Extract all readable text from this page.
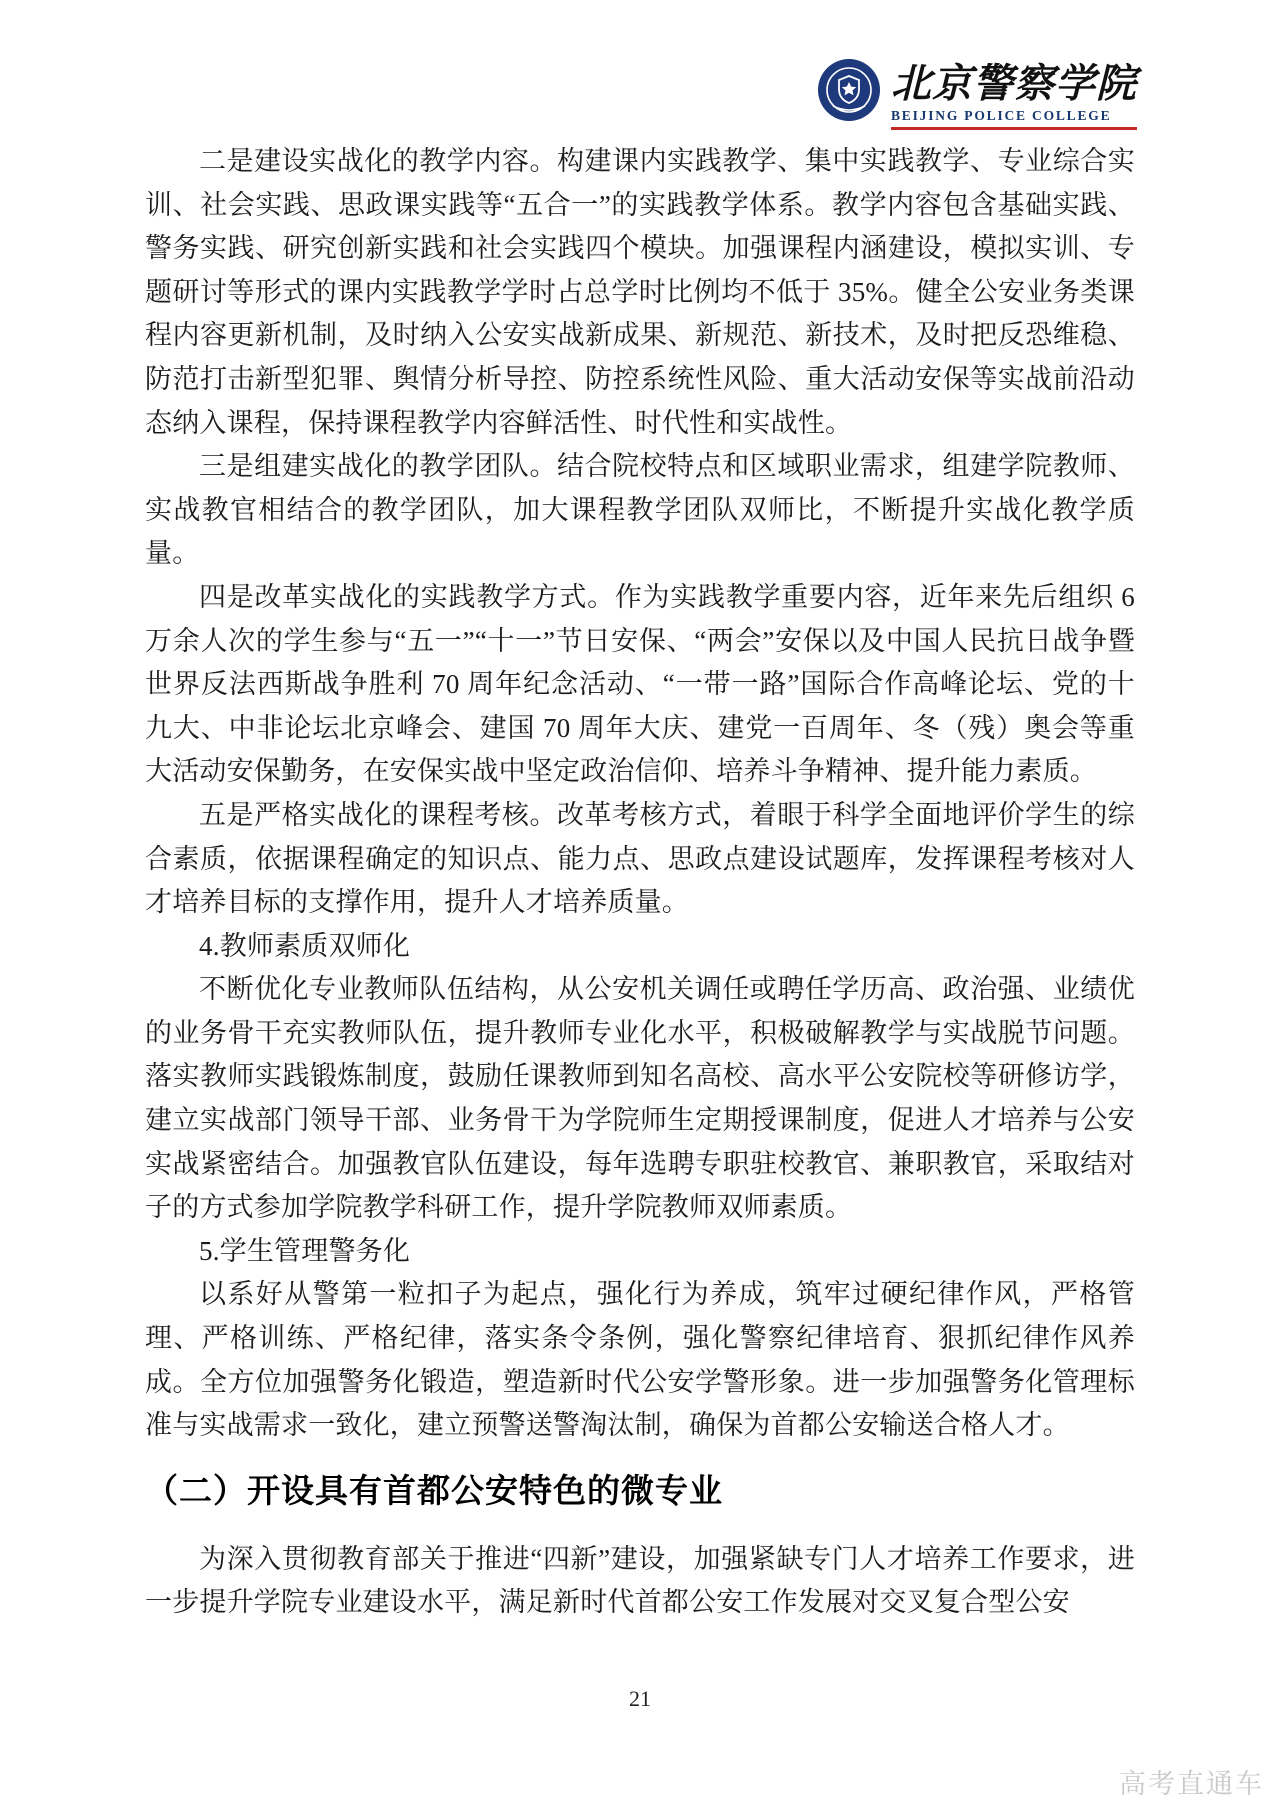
北京警察学院
BEIJING POLICE COLLEGE

二是建设实战化的教学内容。构建课内实践教学、集中实践教学、专业综合实训、社会实践、思政课实践等“五合一”的实践教学体系。教学内容包含基础实践、警务实践、研究创新实践和社会实践四个模块。加强课程内涵建设，模拟实训、专题研讨等形式的课内实践教学学时占总学时比例均不低于 35%。健全公安业务类课程内容更新机制，及时纳入公安实战新成果、新规范、新技术，及时把反恐维稳、防范打击新型犯罪、舆情分析导控、防控系统性风险、重大活动安保等实战前沿动态纳入课程，保持课程教学内容鲜活性、时代性和实战性。

三是组建实战化的教学团队。结合院校特点和区域职业需求，组建学院教师、实战教官相结合的教学团队，加大课程教学团队双师比，不断提升实战化教学质量。

四是改革实战化的实践教学方式。作为实践教学重要内容，近年来先后组织 6 万余人次的学生参与“五一”“十一”节日安保、“两会”安保以及中国人民抗日战争暨世界反法西斯战争胜利 70 周年纪念活动、“一带一路”国际合作高峰论坛、党的十九大、中非论坛北京峰会、建国 70 周年大庆、建党一百周年、冬（残）奥会等重大活动安保勤务，在安保实战中坚定政治信仰、培养斗争精神、提升能力素质。

五是严格实战化的课程考核。改革考核方式，着眼于科学全面地评价学生的综合素质，依据课程确定的知识点、能力点、思政点建设试题库，发挥课程考核对人才培养目标的支撑作用，提升人才培养质量。

4.教师素质双师化

不断优化专业教师队伍结构，从公安机关调任或聘任学历高、政治强、业绩优的业务骨干充实教师队伍，提升教师专业化水平，积极破解教学与实战脱节问题。落实教师实践锻炼制度，鼓励任课教师到知名高校、高水平公安院校等研修访学，建立实战部门领导干部、业务骨干为学院师生定期授课制度，促进人才培养与公安实战紧密结合。加强教官队伍建设，每年选聘专职驻校教官、兼职教官，采取结对子的方式参加学院教学科研工作，提升学院教师双师素质。

5.学生管理警务化

以系好从警第一粒扣子为起点，强化行为养成，筑牢过硬纪律作风，严格管理、严格训练、严格纪律，落实条令条例，强化警察纪律培育、狠抓纪律作风养成。全方位加强警务化锻造，塑造新时代公安学警形象。进一步加强警务化管理标准与实战需求一致化，建立预警送警淘汰制，确保为首都公安输送合格人才。

（二）开设具有首都公安特色的微专业

为深入贯彻教育部关于推进“四新”建设，加强紧缺专门人才培养工作要求，进一步提升学院专业建设水平，满足新时代首都公安工作发展对交叉复合型公安

21
高考直通车
